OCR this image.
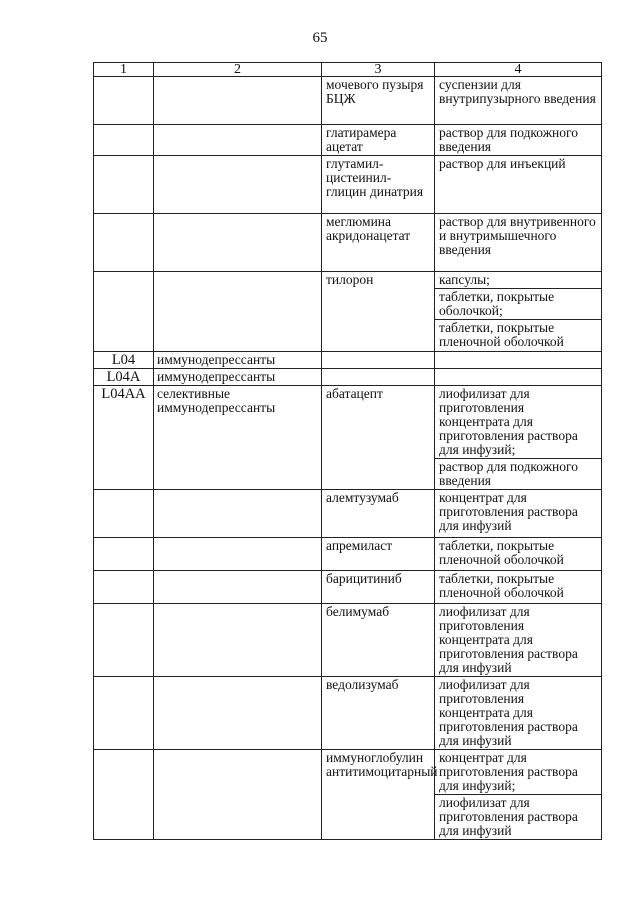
65
1	2	3	4
		мочевого пузыря БЦЖ	суспензии для внутрипузырного введения

		глатирамера ацетат	раствор для подкожного введения

		глутамил-цистеинил-глицин динатрия	раствор для инъекций

		меглюмина акридонацетат	раствор для внутривенного и внутримышечного введения

		тилорон	капсулы;
таблетки, покрытые оболочкой;
таблетки, покрытые пленочной оболочкой

L04	иммунодепрессанты		

L04A	иммунодепрессанты		

L04AA	селективные иммунодепрессанты	абатацепт	лиофилизат для приготовления концентрата для приготовления раствора для инфузий;
раствор для подкожного введения

		алемтузумаб	концентрат для приготовления раствора для инфузий

		апремиласт	таблетки, покрытые пленочной оболочкой

		барицитиниб	таблетки, покрытые пленочной оболочкой

		белимумаб	лиофилизат для приготовления концентрата для приготовления раствора для инфузий

		ведолизумаб	лиофилизат для приготовления концентрата для приготовления раствора для инфузий

		иммуноглобулин антитимоцитарный	концентрат для приготовления раствора для инфузий;
лиофилизат для приготовления раствора для инфузий
